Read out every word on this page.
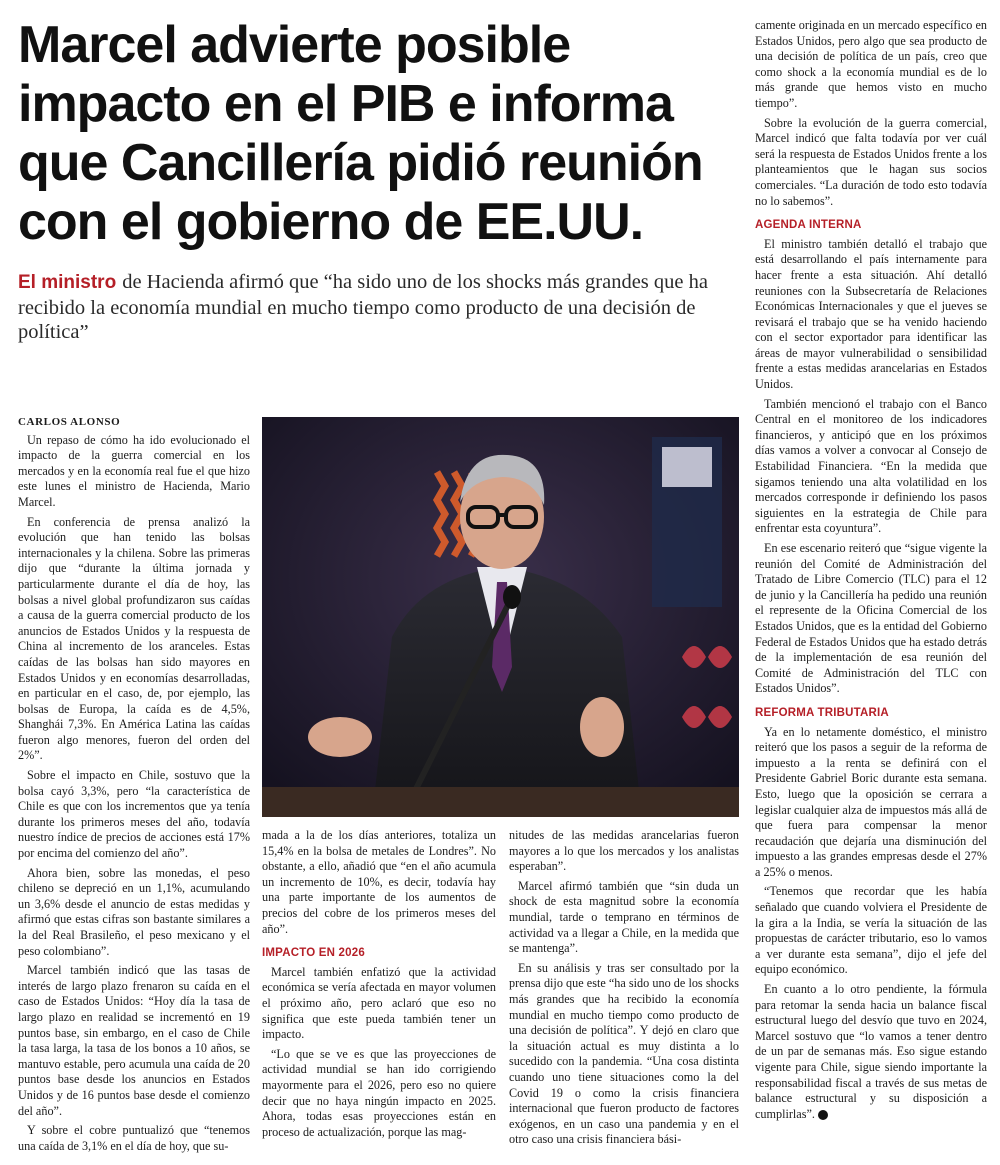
Marcel advierte posible
impacto en el PIB e informa
que Cancillería pidió reunión
con el gobierno de EE.UU.
El ministro de Hacienda afirmó que “ha sido uno de los shocks más grandes que ha recibido la economía mundial en mucho tiempo como producto de una decisión de política”
CARLOS ALONSO

Un repaso de cómo ha ido evolucionado el impacto de la guerra comercial en los mercados y en la economía real fue el que hizo este lunes el ministro de Hacienda, Mario Marcel.

En conferencia de prensa analizó la evolución que han tenido las bolsas internacionales y la chilena. Sobre las primeras dijo que “durante la última jornada y particularmente durante el día de hoy, las bolsas a nivel global profundizaron sus caídas a causa de la guerra comercial producto de los anuncios de Estados Unidos y la respuesta de China al incremento de los aranceles. Estas caídas de las bolsas han sido mayores en Estados Unidos y en economías desarrolladas, en particular en el caso, de, por ejemplo, las bolsas de Europa, la caída es de 4,5%, Shanghái 7,3%. En América Latina las caídas fueron algo menores, fueron del orden del 2%”.

Sobre el impacto en Chile, sostuvo que la bolsa cayó 3,3%, pero “la característica de Chile es que con los incrementos que ya tenía durante los primeros meses del año, todavía nuestro índice de precios de acciones está 17% por encima del comienzo del año”.

Ahora bien, sobre las monedas, el peso chileno se depreció en un 1,1%, acumulando un 3,6% desde el anuncio de estas medidas y afirmó que estas cifras son bastante similares a la del Real Brasileño, el peso mexicano y el peso colombiano”.

Marcel también indicó que las tasas de interés de largo plazo frenaron su caída en el caso de Estados Unidos: “Hoy día la tasa de largo plazo en realidad se incrementó en 19 puntos base, sin embargo, en el caso de Chile la tasa larga, la tasa de los bonos a 10 años, se mantuvo estable, pero acumula una caída de 20 puntos base desde los anuncios en Estados Unidos y de 16 puntos base desde el comienzo del año”.

Y sobre el cobre puntualizó que “tenemos una caída de 3,1% en el día de hoy, que su-

mada a la de los días anteriores, totaliza un 15,4% en la bolsa de metales de Londres”. No obstante, a ello, añadió que “en el año acumula un incremento de 10%, es decir, todavía hay una parte importante de los aumentos de precios del cobre de los primeros meses del año”.

IMPACTO EN 2026

Marcel también enfatizó que la actividad económica se vería afectada en mayor volumen el próximo año, pero aclaró que eso no significa que este pueda también tener un impacto.

“Lo que se ve es que las proyecciones de actividad mundial se han ido corrigiendo mayormente para el 2026, pero eso no quiere decir que no haya ningún impacto en 2025. Ahora, todas esas proyecciones están en proceso de actualización, porque las mag-

nitudes de las medidas arancelarias fueron mayores a lo que los mercados y los analistas esperaban”.

Marcel afirmó también que “sin duda un shock de esta magnitud sobre la economía mundial, tarde o temprano en términos de actividad va a llegar a Chile, en la medida que se mantenga”.

En su análisis y tras ser consultado por la prensa dijo que este “ha sido uno de los shocks más grandes que ha recibido la economía mundial en mucho tiempo como producto de una decisión de política”. Y dejó en claro que la situación actual es muy distinta a lo sucedido con la pandemia. “Una cosa distinta cuando uno tiene situaciones como la del Covid 19 o como la crisis financiera internacional que fueron producto de factores exógenos, en un caso una pandemia y en el otro caso una crisis financiera bási-

camente originada en un mercado específico en Estados Unidos, pero algo que sea producto de una decisión de política de un país, creo que como shock a la economía mundial es de lo más grande que hemos visto en mucho tiempo”.

Sobre la evolución de la guerra comercial, Marcel indicó que falta todavía por ver cuál será la respuesta de Estados Unidos frente a los planteamientos que le hagan sus socios comerciales. “La duración de todo esto todavía no lo sabemos”.

AGENDA INTERNA

El ministro también detalló el trabajo que está desarrollando el país internamente para hacer frente a esta situación. Ahí detalló reuniones con la Subsecretaría de Relaciones Económicas Internacionales y que el jueves se revisará el trabajo que se ha venido haciendo con el sector exportador para identificar las áreas de mayor vulnerabilidad o sensibilidad frente a estas medidas arancelarias en Estados Unidos.

También mencionó el trabajo con el Banco Central en el monitoreo de los indicadores financieros, y anticipó que en los próximos días vamos a volver a convocar al Consejo de Estabilidad Financiera. “En la medida que sigamos teniendo una alta volatilidad en los mercados corresponde ir definiendo los pasos siguientes en la estrategia de Chile para enfrentar esta coyuntura”.

En ese escenario reiteró que “sigue vigente la reunión del Comité de Administración del Tratado de Libre Comercio (TLC) para el 12 de junio y la Cancillería ha pedido una reunión el represente de la Oficina Comercial de los Estados Unidos, que es la entidad del Gobierno Federal de Estados Unidos que ha estado detrás de la implementación de esa reunión del Comité de Administración del TLC con Estados Unidos”.

REFORMA TRIBUTARIA

Ya en lo netamente doméstico, el ministro reiteró que los pasos a seguir de la reforma de impuesto a la renta se definirá con el Presidente Gabriel Boric durante esta semana. Esto, luego que la oposición se cerrara a legislar cualquier alza de impuestos más allá de que fuera para compensar la menor recaudación que dejaría una disminución del impuesto a las grandes empresas desde el 27% a 25% o menos.

“Tenemos que recordar que les había señalado que cuando volviera el Presidente de la gira a la India, se vería la situación de las propuestas de carácter tributario, eso lo vamos a ver durante esta semana”, dijo el jefe del equipo económico.

En cuanto a lo otro pendiente, la fórmula para retomar la senda hacia un balance fiscal estructural luego del desvío que tuvo en 2024, Marcel sostuvo que “lo vamos a tener dentro de un par de semanas más. Eso sigue estando vigente para Chile, sigue siendo importante la responsabilidad fiscal a través de sus metas de balance estructural y su disposición a cumplirlas”.
